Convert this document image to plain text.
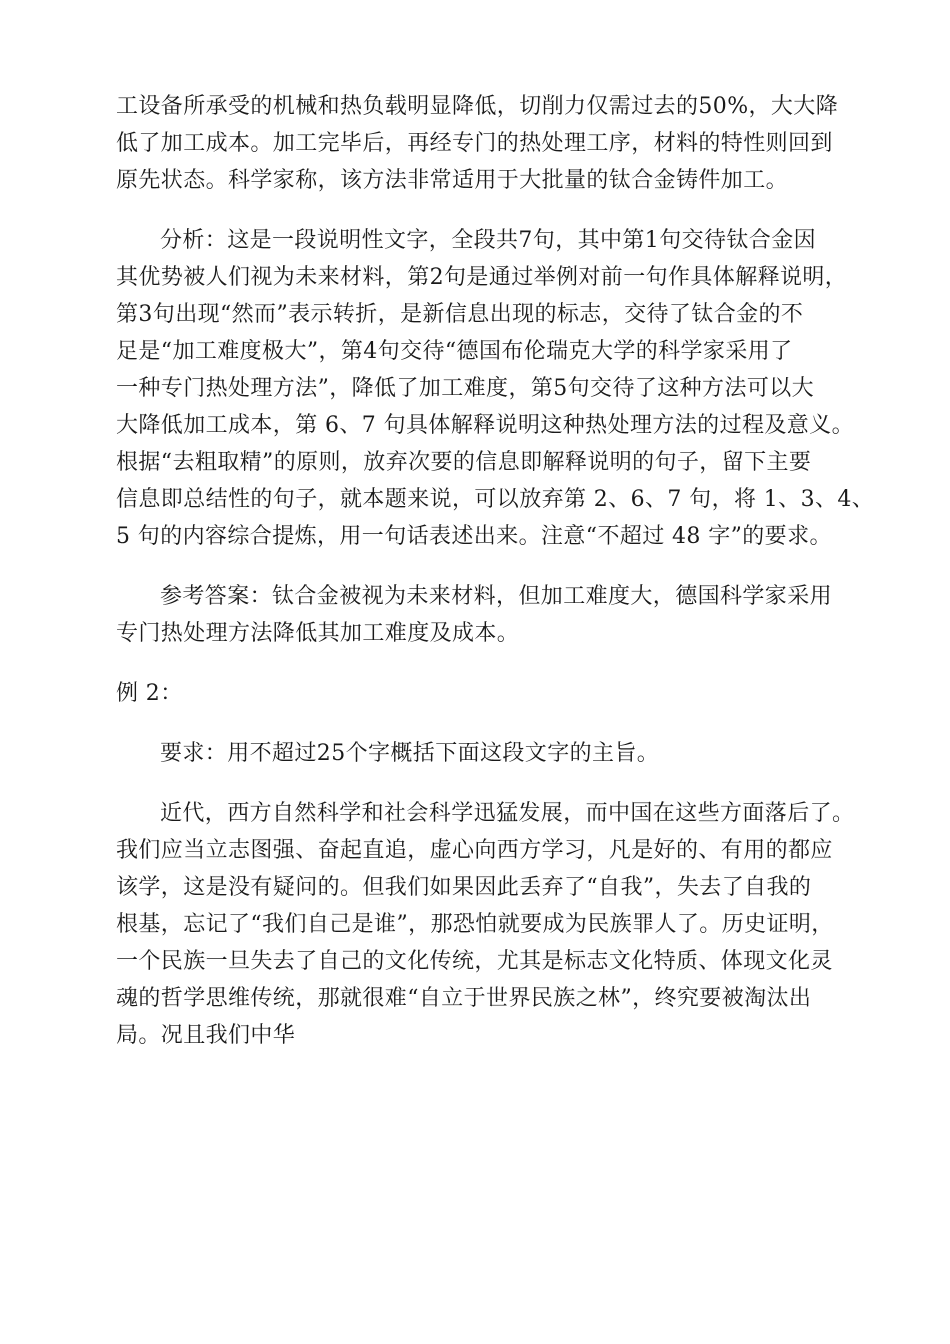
工设备所承受的机械和热负载明显降低，切削力仅需过去的50%，大大降
低了加工成本。加工完毕后，再经专门的热处理工序，材料的特性则回到
原先状态。科学家称，该方法非常适用于大批量的钛合金铸件加工。
分析：这是一段说明性文字，全段共7句，其中第1句交待钛合金因
其优势被人们视为未来材料，第2句是通过举例对前一句作具体解释说明，
第3句出现“然而”表示转折，是新信息出现的标志，交待了钛合金的不
足是“加工难度极大”，第4句交待“德国布伦瑞克大学的科学家采用了
一种专门热处理方法”，降低了加工难度，第5句交待了这种方法可以大
大降低加工成本，第 6、7 句具体解释说明这种热处理方法的过程及意义。
根据“去粗取精”的原则，放弃次要的信息即解释说明的句子，留下主要
信息即总结性的句子，就本题来说，可以放弃第 2、6、7 句，将 1、3、4、
5 句的内容综合提炼，用一句话表述出来。注意“不超过 48 字”的要求。
参考答案：钛合金被视为未来材料，但加工难度大，德国科学家采用
专门热处理方法降低其加工难度及成本。
例 2：
要求：用不超过25个字概括下面这段文字的主旨。
近代，西方自然科学和社会科学迅猛发展，而中国在这些方面落后了。
我们应当立志图强、奋起直追，虚心向西方学习，凡是好的、有用的都应
该学，这是没有疑问的。但我们如果因此丢弃了“自我”，失去了自我的
根基，忘记了“我们自己是谁”，那恐怕就要成为民族罪人了。历史证明，
一个民族一旦失去了自己的文化传统，尤其是标志文化特质、体现文化灵
魂的哲学思维传统，那就很难“自立于世界民族之林”，终究要被淘汰出
局。况且我们中华
